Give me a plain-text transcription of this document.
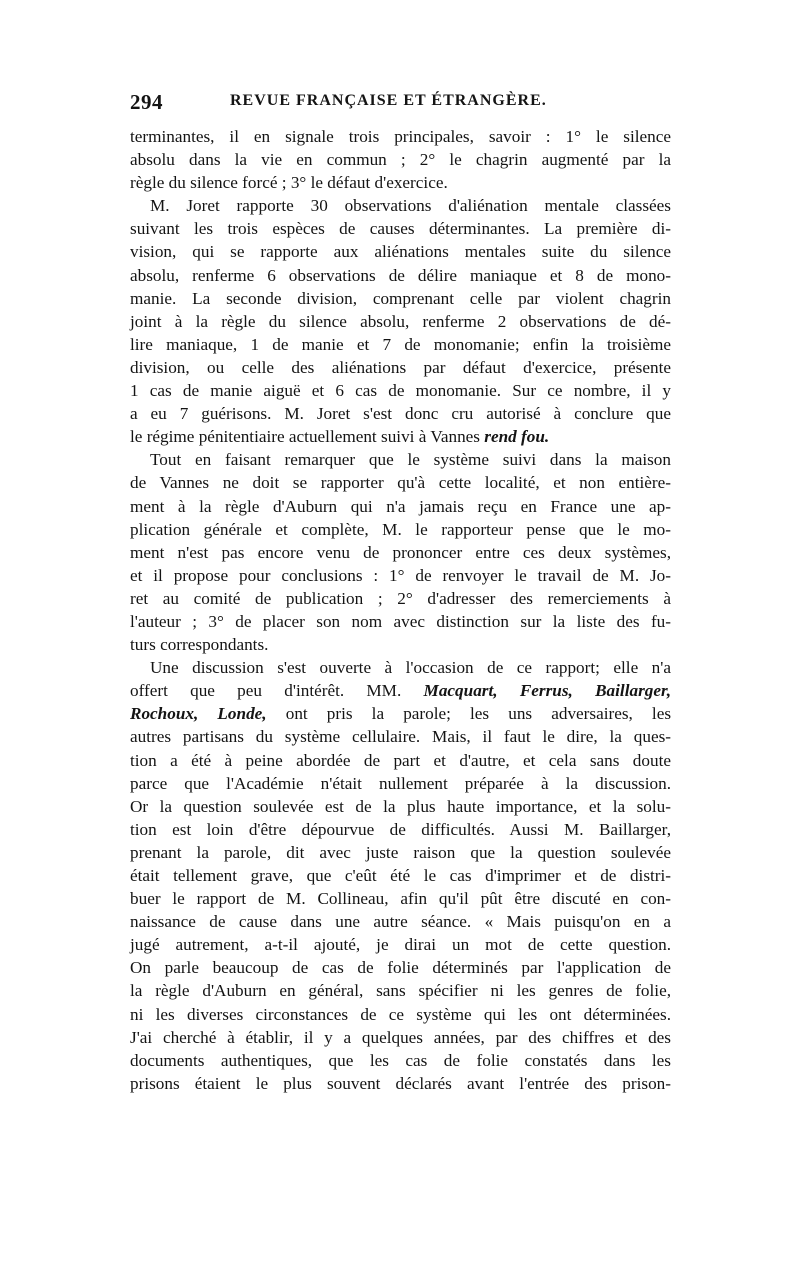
294	REVUE FRANÇAISE ET ÉTRANGÈRE.
terminantes, il en signale trois principales, savoir : 1° le silence
absolu dans la vie en commun ; 2° le chagrin augmenté par la
règle du silence forcé ; 3° le défaut d'exercice.
M. Joret rapporte 30 observations d'aliénation mentale classées
suivant les trois espèces de causes déterminantes. La première di-
vision, qui se rapporte aux aliénations mentales suite du silence
absolu, renferme 6 observations de délire maniaque et 8 de mono-
manie. La seconde division, comprenant celle par violent chagrin
joint à la règle du silence absolu, renferme 2 observations de dé-
lire maniaque, 1 de manie et 7 de monomanie; enfin la troisième
division, ou celle des aliénations par défaut d'exercice, présente
1 cas de manie aiguë et 6 cas de monomanie. Sur ce nombre, il y
a eu 7 guérisons. M. Joret s'est donc cru autorisé à conclure que
le régime pénitentiaire actuellement suivi à Vannes rend fou.
Tout en faisant remarquer que le système suivi dans la maison
de Vannes ne doit se rapporter qu'à cette localité, et non entière-
ment à la règle d'Auburn qui n'a jamais reçu en France une ap-
plication générale et complète, M. le rapporteur pense que le mo-
ment n'est pas encore venu de prononcer entre ces deux systèmes,
et il propose pour conclusions : 1° de renvoyer le travail de M. Jo-
ret au comité de publication ; 2° d'adresser des remerciements à
l'auteur ; 3° de placer son nom avec distinction sur la liste des fu-
turs correspondants.
Une discussion s'est ouverte à l'occasion de ce rapport; elle n'a
offert que peu d'intérêt. MM. Macquart, Ferrus, Baillarger,
Rochoux, Londe, ont pris la parole; les uns adversaires, les
autres partisans du système cellulaire. Mais, il faut le dire, la ques-
tion a été à peine abordée de part et d'autre, et cela sans doute
parce que l'Académie n'était nullement préparée à la discussion.
Or la question soulevée est de la plus haute importance, et la solu-
tion est loin d'être dépourvue de difficultés. Aussi M. Baillarger,
prenant la parole, dit avec juste raison que la question soulevée
était tellement grave, que c'eût été le cas d'imprimer et de distri-
buer le rapport de M. Collineau, afin qu'il pût être discuté en con-
naissance de cause dans une autre séance. « Mais puisqu'on en a
jugé autrement, a-t-il ajouté, je dirai un mot de cette question.
On parle beaucoup de cas de folie déterminés par l'application de
la règle d'Auburn en général, sans spécifier ni les genres de folie,
ni les diverses circonstances de ce système qui les ont déterminées.
J'ai cherché à établir, il y a quelques années, par des chiffres et des
documents authentiques, que les cas de folie constatés dans les
prisons étaient le plus souvent déclarés avant l'entrée des prison-
